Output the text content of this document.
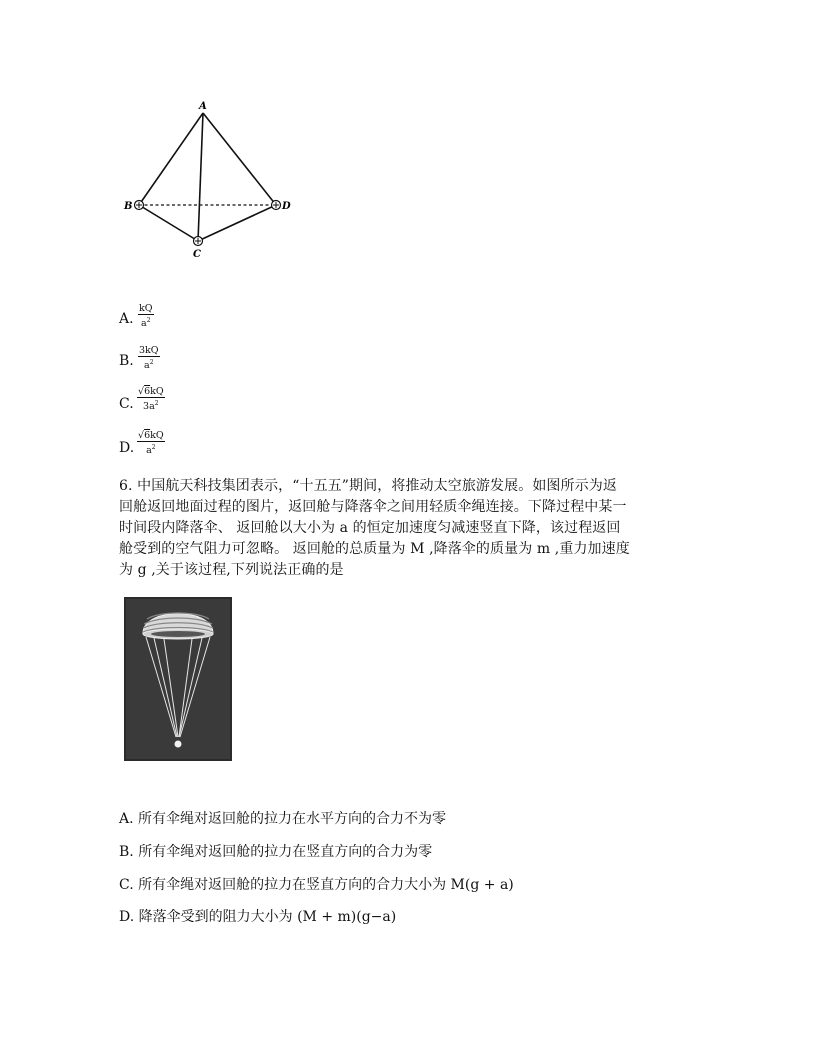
A
B	D
C
A. $\frac{kQ}{a^2}$
B. $\frac{3kQ}{a^2}$
C. $\frac{√6kQ}{3a^2}$
D. $\frac{√6kQ}{a^2}$

6. 中国航天科技集团表示，“十五五”期间，将推动太空旅游发展。如图所示为返

回舱返回地面过程的图片，返回舱与降落伞之间用轻质伞绳连接。下降过程中某一

时间段内降落伞、 返回舱以大小为 a 的恒定加速度匀减速竖直下降，该过程返回

舱受到的空气阻力可忽略。 返回舱的总质量为 M ,降落伞的质量为 m ,重力加速度

为 g ,关于该过程,下列说法正确的是

A. 所有伞绳对返回舱的拉力在水平方向的合力不为零
B. 所有伞绳对返回舱的拉力在竖直方向的合力为零
C. 所有伞绳对返回舱的拉力在竖直方向的合力大小为 M(g + a)
D. 降落伞受到的阻力大小为 (M + m)(g−a)
